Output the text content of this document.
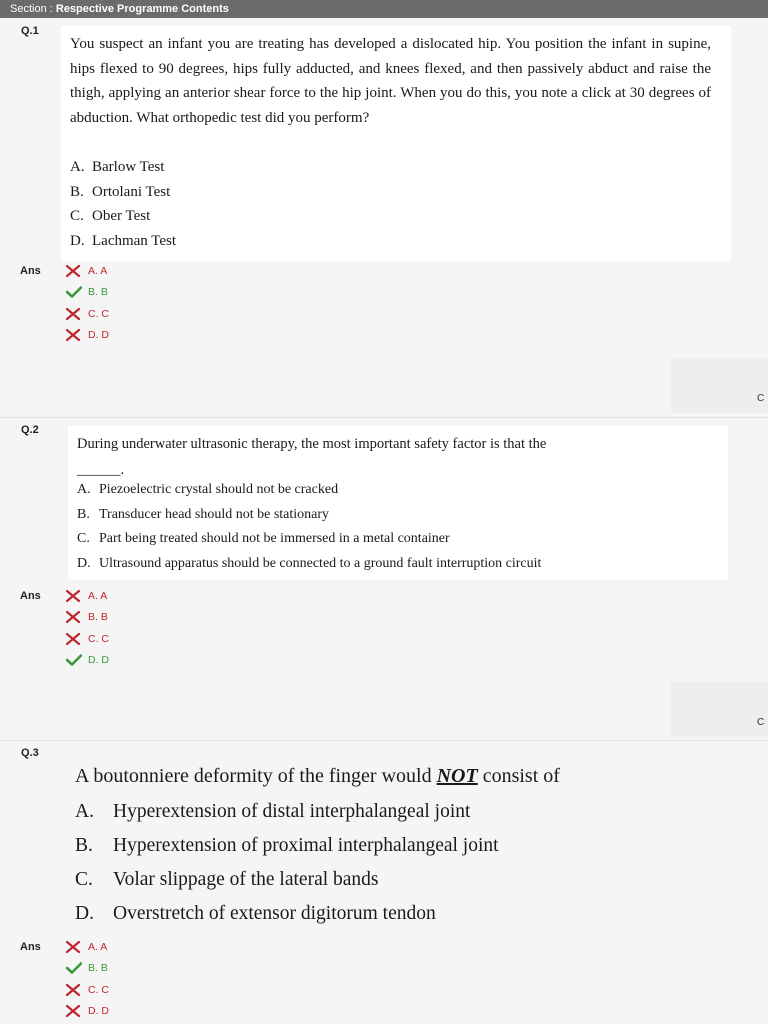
Section : Respective Programme Contents
Q.1

You suspect an infant you are treating has developed a dislocated hip. You position the infant in supine, hips flexed to 90 degrees, hips fully adducted, and knees flexed, and then passively abduct and raise the thigh, applying an anterior shear force to the hip joint. When you do this, you note a click at 30 degrees of abduction. What orthopedic test did you perform?

A. Barlow Test
B. Ortolani Test
C. Ober Test
D. Lachman Test
Ans	A. A
B. B
C. C
D. D
C
Q.2

During underwater ultrasonic therapy, the most important safety factor is that the
______.

A. Piezoelectric crystal should not be cracked
B. Transducer head should not be stationary
C. Part being treated should not be immersed in a metal container
D. Ultrasound apparatus should be connected to a ground fault interruption circuit
Ans	A. A
B. B
C. C
D. D
C
Q.3

A boutonniere deformity of the finger would NOT consist of

A. Hyperextension of distal interphalangeal joint
B. Hyperextension of proximal interphalangeal joint
C. Volar slippage of the lateral bands
D. Overstretch of extensor digitorum tendon
Ans	A. A
B. B
C. C
D. D
